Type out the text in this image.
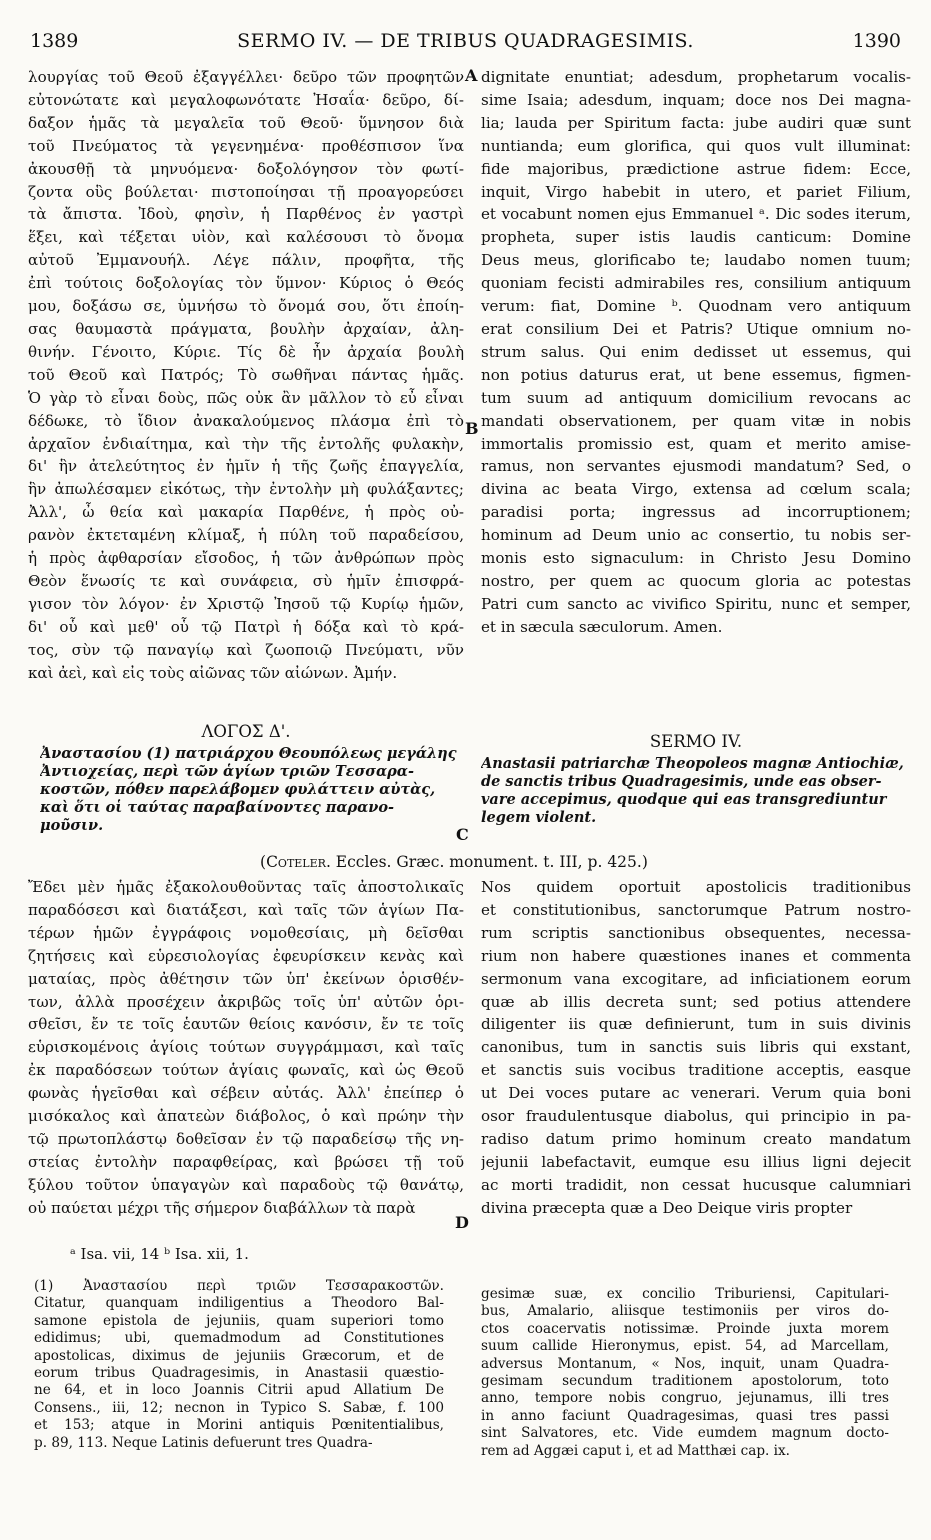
1389	SERMO IV. — DE TRIBUS QUADRAGESIMIS.	1390
λουργίας τοῦ Θεοῦ ἐξαγγέλλει· δεῦρο τῶν προφητῶν
εὐτονώτατε καὶ μεγαλοφωνότατε Ἠσαΐα· δεῦρο, δί-
δαξον ἡμᾶς τὰ μεγαλεῖα τοῦ Θεοῦ· ὕμνησον διὰ
τοῦ Πνεύματος τὰ γεγενημένα· προθέσπισον ἵνα
ἀκουσθῇ τὰ μηνυόμενα· δοξολόγησον τὸν φωτί-
ζοντα οὓς βούλεται· πιστοποίησαι τῇ προαγορεύσει
τὰ ἄπιστα. Ἰδοὺ, φησὶν, ἡ Παρθένος ἐν γαστρὶ
ἕξει, καὶ τέξεται υἱὸν, καὶ καλέσουσι τὸ ὄνομα
αὐτοῦ Ἐμμανουήλ. Λέγε πάλιν, προφῆτα, τῆς
ἐπὶ τούτοις δοξολογίας τὸν ὕμνον· Κύριος ὁ Θεός
μου, δοξάσω σε, ὑμνήσω τὸ ὄνομά σου, ὅτι ἐποίη-
σας θαυμαστὰ πράγματα, βουλὴν ἀρχαίαν, ἀλη-
θινήν. Γένοιτο, Κύριε. Τίς δὲ ἦν ἀρχαία βουλὴ
τοῦ Θεοῦ καὶ Πατρός; Τὸ σωθῆναι πάντας ἡμᾶς.
Ὁ γὰρ τὸ εἶναι δοὺς, πῶς οὐκ ἂν μᾶλλον τὸ εὖ εἶναι
δέδωκε, τὸ ἴδιον ἀνακαλούμενος πλάσμα ἐπὶ τὸ
ἀρχαῖον ἐνδιαίτημα, καὶ τὴν τῆς ἐντολῆς φυλακὴν,
δι' ἣν ἀτελεύτητος ἐν ἡμῖν ἡ τῆς ζωῆς ἐπαγγελία,
ἣν ἀπωλέσαμεν εἰκότως, τὴν ἐντολὴν μὴ φυλάξαντες;
Ἀλλ', ὦ θεία καὶ μακαρία Παρθένε, ἡ πρὸς οὐ-
ρανὸν ἐκτεταμένη κλίμαξ, ἡ πύλη τοῦ παραδείσου,
ἡ πρὸς ἀφθαρσίαν εἴσοδος, ἡ τῶν ἀνθρώπων πρὸς
Θεὸν ἕνωσίς τε καὶ συνάφεια, σὺ ἡμῖν ἐπισφρά-
γισον τὸν λόγον· ἐν Χριστῷ Ἰησοῦ τῷ Κυρίῳ ἡμῶν,
δι' οὗ καὶ μεθ' οὗ τῷ Πατρὶ ἡ δόξα καὶ τὸ κρά-
τος, σὺν τῷ παναγίῳ καὶ ζωοποιῷ Πνεύματι, νῦν
καὶ ἀεὶ, καὶ εἰς τοὺς αἰῶνας τῶν αἰώνων. Ἀμήν.
dignitate enuntiat; adesdum, prophetarum vocalis-
sime Isaia; adesdum, inquam; doce nos Dei magna-
lia; lauda per Spiritum facta: jube audiri quæ sunt
nuntianda; eum glorifica, qui quos vult illuminat:
fide majoribus, prædictione astrue fidem: Ecce,
inquit, Virgo habebit in utero, et pariet Filium,
et vocabunt nomen ejus Emmanuel ᵃ. Dic sodes iterum,
propheta, super istis laudis canticum: Domine
Deus meus, glorificabo te; laudabo nomen tuum;
quoniam fecisti admirabiles res, consilium antiquum
verum: fiat, Domine ᵇ. Quodnam vero antiquum
erat consilium Dei et Patris? Utique omnium no-
strum salus. Qui enim dedisset ut essemus, qui
non potius daturus erat, ut bene essemus, figmen-
tum suum ad antiquum domicilium revocans ac
mandati observationem, per quam vitæ in nobis
immortalis promissio est, quam et merito amise-
ramus, non servantes ejusmodi mandatum? Sed, o
divina ac beata Virgo, extensa ad cœlum scala;
paradisi porta; ingressus ad incorruptionem;
hominum ad Deum unio ac consertio, tu nobis ser-
monis esto signaculum: in Christo Jesu Domino
nostro, per quem ac quocum gloria ac potestas
Patri cum sancto ac vivifico Spiritu, nunc et semper,
et in sæcula sæculorum. Amen.
A
B
C
D
ΛΟΓΟΣ Δ'.
SERMO IV.
Ἀναστασίου (1) πατριάρχου Θεουπόλεως μεγάλης
Ἀντιοχείας, περὶ τῶν ἁγίων τριῶν Τεσσαρα-
κοστῶν, πόθεν παρελάβομεν φυλάττειν αὐτὰς,
καὶ ὅτι οἱ ταύτας παραβαίνοντες παρανο-
μοῦσιν.
Anastasii patriarchæ Theopoleos magnæ Antiochiæ,
de sanctis tribus Quadragesimis, unde eas obser-
vare accepimus, quodque qui eas transgrediuntur
legem violent.
(Coteler. Eccles. Græc. monument. t. III, p. 425.)
Ἔδει μὲν ἡμᾶς ἐξακολουθοῦντας ταῖς ἀποστολικαῖς
παραδόσεσι καὶ διατάξεσι, καὶ ταῖς τῶν ἁγίων Πα-
τέρων ἡμῶν ἐγγράφοις νομοθεσίαις, μὴ δεῖσθαι
ζητήσεις καὶ εὑρεσιολογίας ἐφευρίσκειν κενὰς καὶ
ματαίας, πρὸς ἀθέτησιν τῶν ὑπ' ἐκείνων ὁρισθέν-
των, ἀλλὰ προσέχειν ἀκριβῶς τοῖς ὑπ' αὐτῶν ὁρι-
σθεῖσι, ἔν τε τοῖς ἑαυτῶν θείοις κανόσιν, ἔν τε τοῖς
εὑρισκομένοις ἁγίοις τούτων συγγράμμασι, καὶ ταῖς
ἐκ παραδόσεων τούτων ἁγίαις φωναῖς, καὶ ὡς Θεοῦ
φωνὰς ἡγεῖσθαι καὶ σέβειν αὐτάς. Ἀλλ' ἐπείπερ ὁ
μισόκαλος καὶ ἀπατεὼν διάβολος, ὁ καὶ πρώην τὴν
τῷ πρωτοπλάστῳ δοθεῖσαν ἐν τῷ παραδείσῳ τῆς νη-
στείας ἐντολὴν παραφθείρας, καὶ βρώσει τῇ τοῦ
ξύλου τοῦτον ὑπαγαγὼν καὶ παραδοὺς τῷ θανάτῳ,
οὐ παύεται μέχρι τῆς σήμερον διαβάλλων τὰ παρὰ
Nos quidem oportuit apostolicis traditionibus
et constitutionibus, sanctorumque Patrum nostro-
rum scriptis sanctionibus obsequentes, necessa-
rium non habere quæstiones inanes et commenta
sermonum vana excogitare, ad inficiationem eorum
quæ ab illis decreta sunt; sed potius attendere
diligenter iis quæ definierunt, tum in suis divinis
canonibus, tum in sanctis suis libris qui exstant,
et sanctis suis vocibus traditione acceptis, easque
ut Dei voces putare ac venerari. Verum quia boni
osor fraudulentusque diabolus, qui principio in pa-
radiso datum primo hominum creato mandatum
jejunii labefactavit, eumque esu illius ligni dejecit
ac morti tradidit, non cessat hucusque calumniari
divina præcepta quæ a Deo Deique viris propter
ᵃ Isa. vii, 14 ᵇ Isa. xii, 1.
(1) Ἀναστασίου περὶ τριῶν Τεσσαρακοστῶν.
Citatur, quanquam indiligentius a Theodoro Bal-
samone epistola de jejuniis, quam superiori tomo
edidimus; ubi, quemadmodum ad Constitutiones
apostolicas, diximus de jejuniis Græcorum, et de
eorum tribus Quadragesimis, in Anastasii quæstio-
ne 64, et in loco Joannis Citrii apud Allatium De
Consens., iii, 12; necnon in Typico S. Sabæ, f. 100
et 153; atque in Morini antiquis Pœnitentialibus,
p. 89, 113. Neque Latinis defuerunt tres Quadra-
gesimæ suæ, ex concilio Triburiensi, Capitulari-
bus, Amalario, aliisque testimoniis per viros do-
ctos coacervatis notissimæ. Proinde juxta morem
suum callide Hieronymus, epist. 54, ad Marcellam,
adversus Montanum, « Nos, inquit, unam Quadra-
gesimam secundum traditionem apostolorum, toto
anno, tempore nobis congruo, jejunamus, illi tres
in anno faciunt Quadragesimas, quasi tres passi
sint Salvatores, etc. Vide eumdem magnum docto-
rem ad Aggæi caput i, et ad Matthæi cap. ix.
